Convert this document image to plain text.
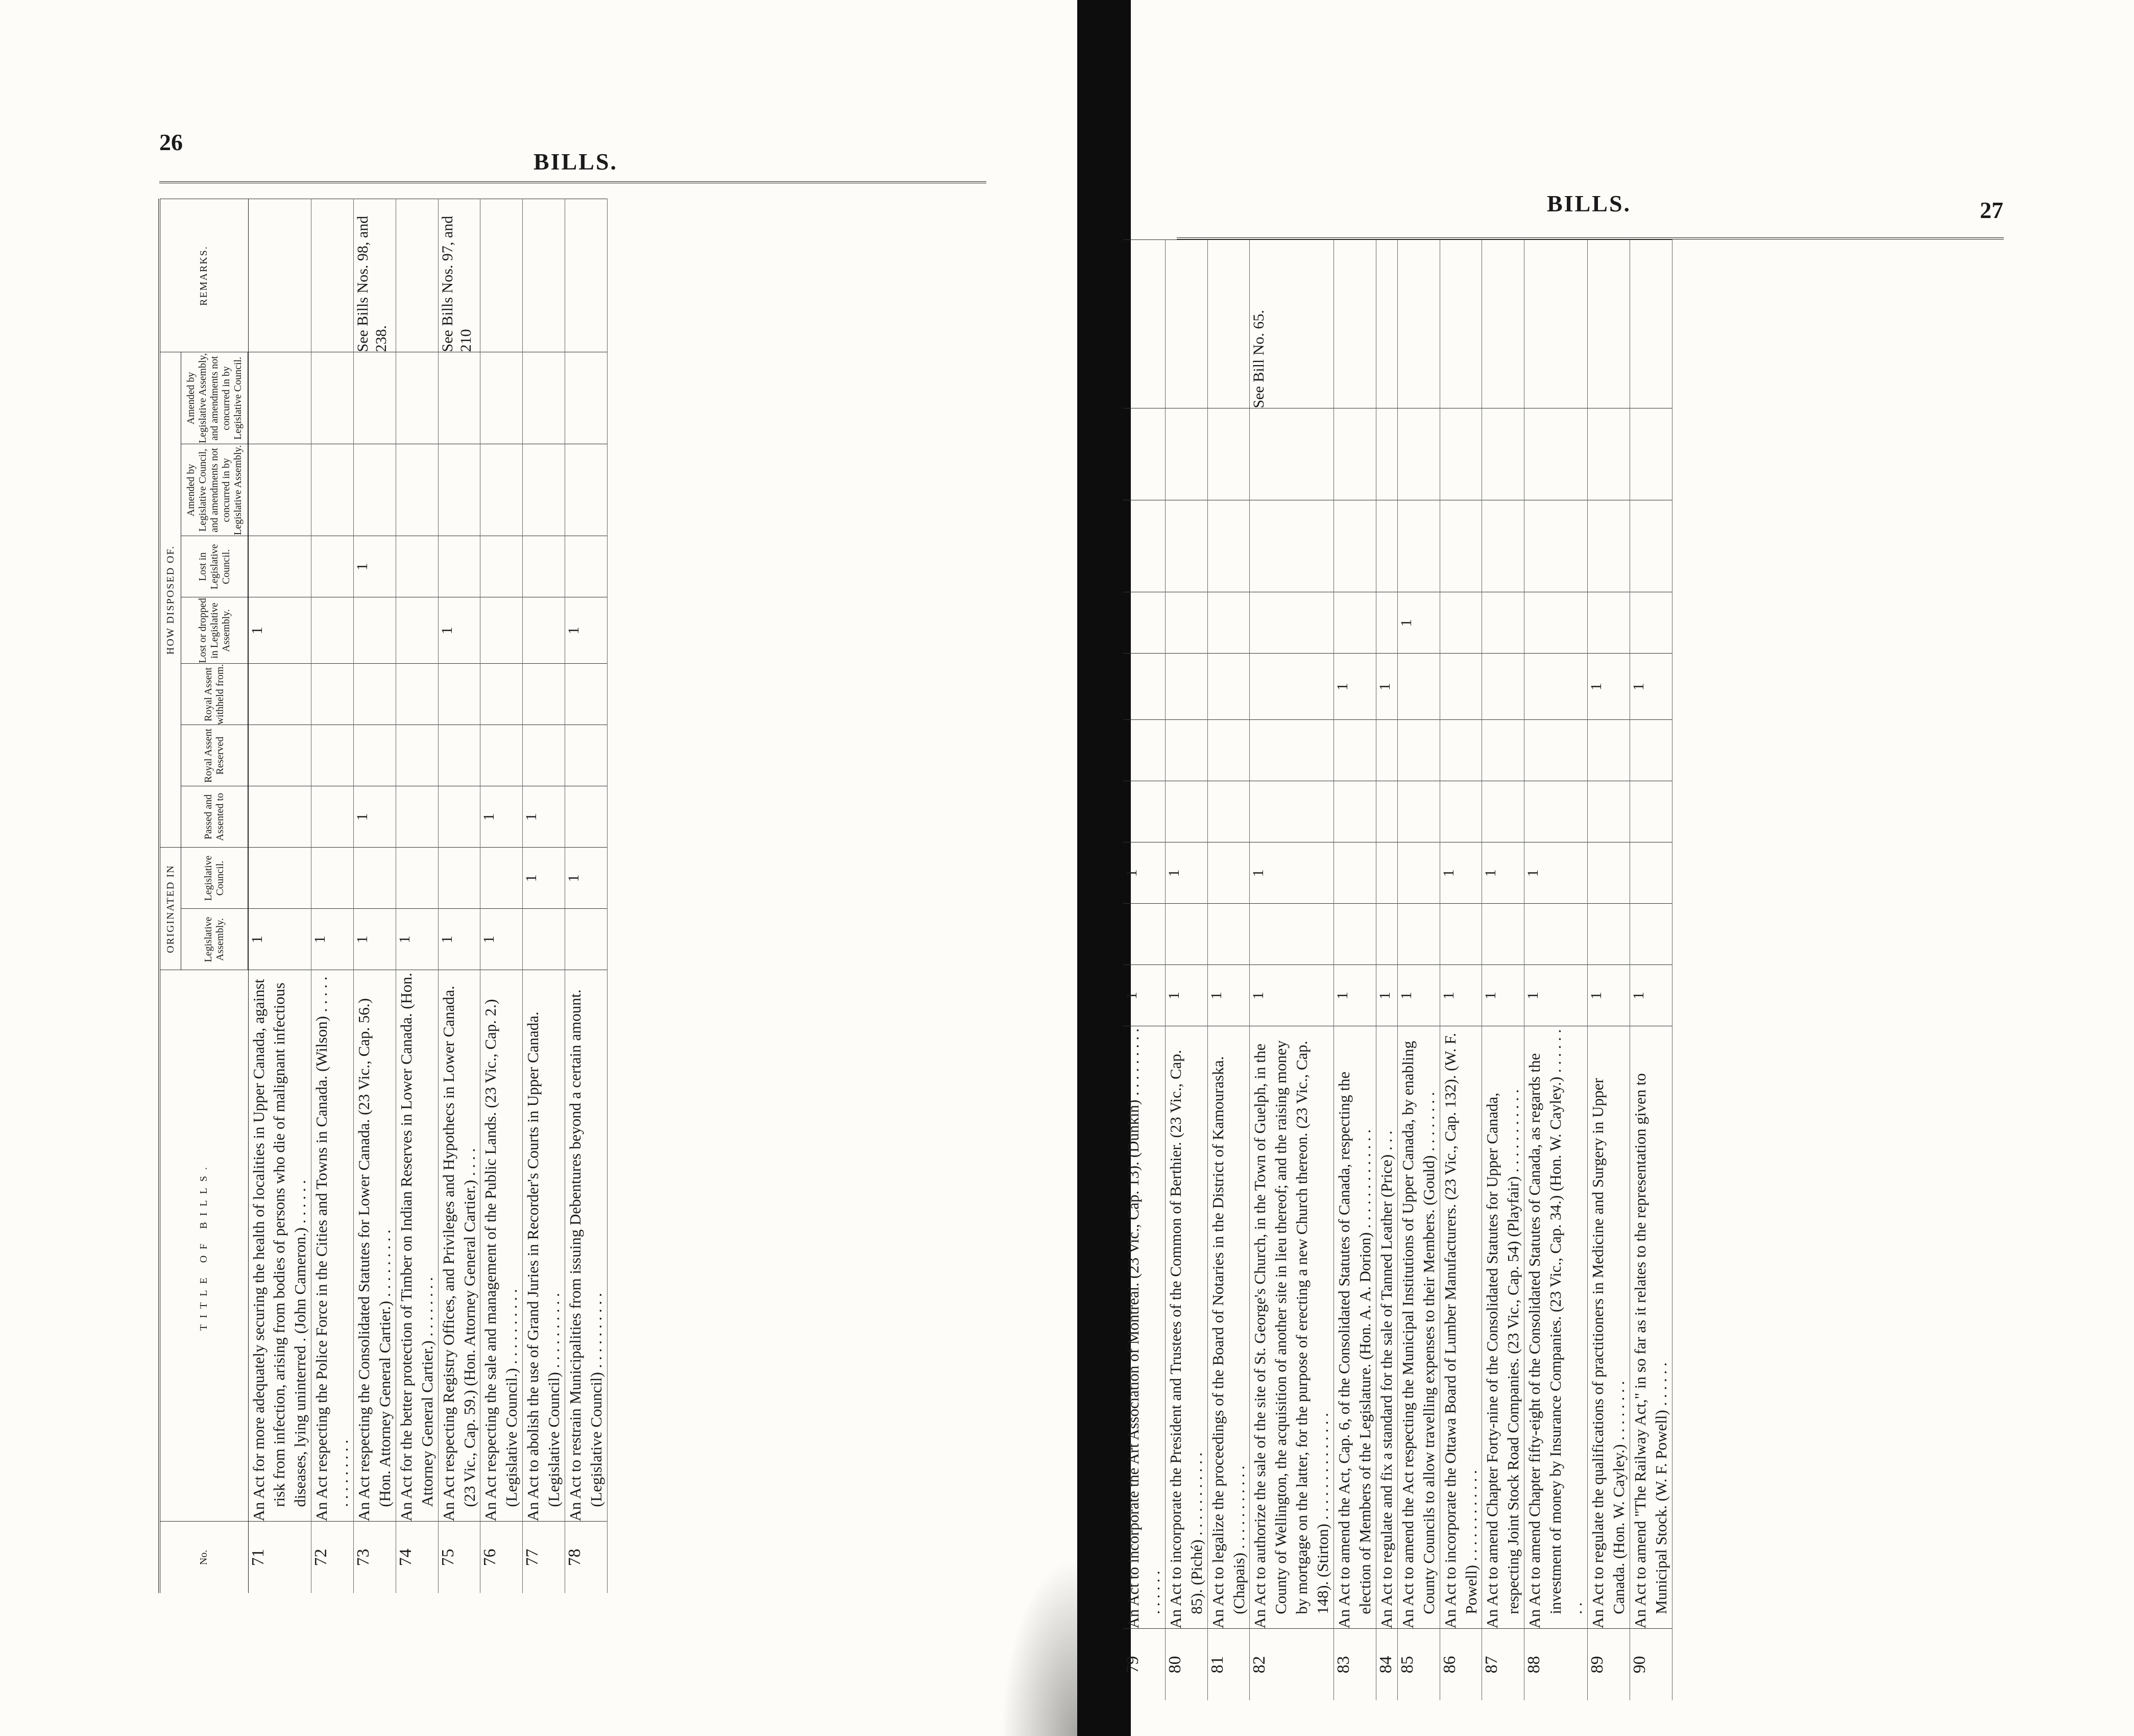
26
BILLS.
27
BILLS.
No.	TITLE OF BILLS.	ORIGINATED IN		HOW DISPOSED OF.							REMARKS.
		Legislative Assembly.	Legislative Council.	Passed and Assented to	Royal Assent Reserved	Royal Assent withheld from.	Lost or dropped in Legislative Assembly.	Lost in Legislative Council.	Amended by Legislative Council, and amendments not concurred in by Legislative Assembly.	Amended by Legislative Assembly, and amendments not concurred in by Legislative Council.	
71	An Act for more adequately securing the health of localities in Upper Canada, against risk from infection, arising from bodies of persons who die of malignant infectious diseases, lying uninterred . (John Cameron.) . . . . . .	1					1				
72	An Act respecting the Police Force in the Cities and Towns in Canada. (Wilson) . . . . . . . . . . . . . .	1									
73	An Act respecting the Consolidated Statutes for Lower Canada. (23 Vic., Cap. 56.) (Hon. Attorney General Cartier.) . . . . . . . . .	1		1				1			See Bills Nos. 98, and 238.
74	An Act for the better protection of Timber on Indian Reserves in Lower Canada. (Hon. Attorney General Cartier.) . . . . . . . .	1									
75	An Act respecting Registry Offices, and Privileges and Hypothecs in Lower Canada. (23 Vic., Cap. 59.) (Hon. Attorney General Cartier.) . . . .	1					1				See Bills Nos. 97, and 210
76	An Act respecting the sale and management of the Public Lands. (23 Vic., Cap. 2.) (Legislative Council.) . . . . . . . . . .	1		1							
77	An Act to abolish the use of Grand Juries in Recorder's Courts in Upper Canada. (Legislative Council) . . . . . . . . . .		1	1							
78	An Act to restrain Municipalities from issuing Debentures beyond a certain amount. (Legislative Council) . . . . . . . . . .		1				1				
79	An Act to incorporate the Art Association of Montreal. (23 Vic., Cap. 13). (Dunkin) . . . . . . . . . . . . . . .	1		1							
80	An Act to incorporate the President and Trustees of the Common of Berthier. (23 Vic., Cap. 85). (Piché) . . . . . . . . . . .	1		1							
81	An Act to legalize the proceedings of the Board of Notaries in the District of Kamouraska. (Chapais) . . . . . . . . . . .	1									
82	An Act to authorize the sale of the site of St. George's Church, in the Town of Guelph, in the County of Wellington, the acquisition of another site in lieu thereof; and the raising money by mortgage on the latter, for the purpose of erecting a new Church thereon. (23 Vic., Cap. 148). (Stirton) . . . . . . . . . . . . . .	1		1							See Bill No. 65.
83	An Act to amend the Act, Cap. 6, of the Consolidated Statutes of Canada, respecting the election of Members of the Legislature. (Hon. A. A. Dorion) . . . . . . . . . . . . .	1					1				
84	An Act to regulate and fix a standard for the sale of Tanned Leather (Price) . . .	1					1				
85	An Act to amend the Act respecting the Municipal Institutions of Upper Canada, by enabling County Councils to allow travelling expenses to their Members. (Gould) . . . . . . . .	1						1			
86	An Act to incorporate the Ottawa Board of Lumber Manufacturers. (23 Vic., Cap. 132). (W. F. Powell) . . . . . . . . . . . .	1		1							
87	An Act to amend Chapter Forty-nine of the Consolidated Statutes for Upper Canada, respecting Joint Stock Road Companies. (23 Vic., Cap. 54) (Playfair) . . . . . . . . . . .	1		1							
88	An Act to amend Chapter fifty-eight of the Consolidated Statutes of Canada, as regards the investment of money by Insurance Companies. (23 Vic., Cap. 34.) (Hon. W. Cayley.) . . . . . . . .	1		1							
89	An Act to regulate the qualifications of practitioners in Medicine and Surgery in Upper Canada. (Hon. W. Cayley.) . . . . . . . .	1					1				
90	An Act to amend "The Railway Act," in so far as it relates to the representation given to Municipal Stock. (W. F. Powell) . . . . . .	1					1				
